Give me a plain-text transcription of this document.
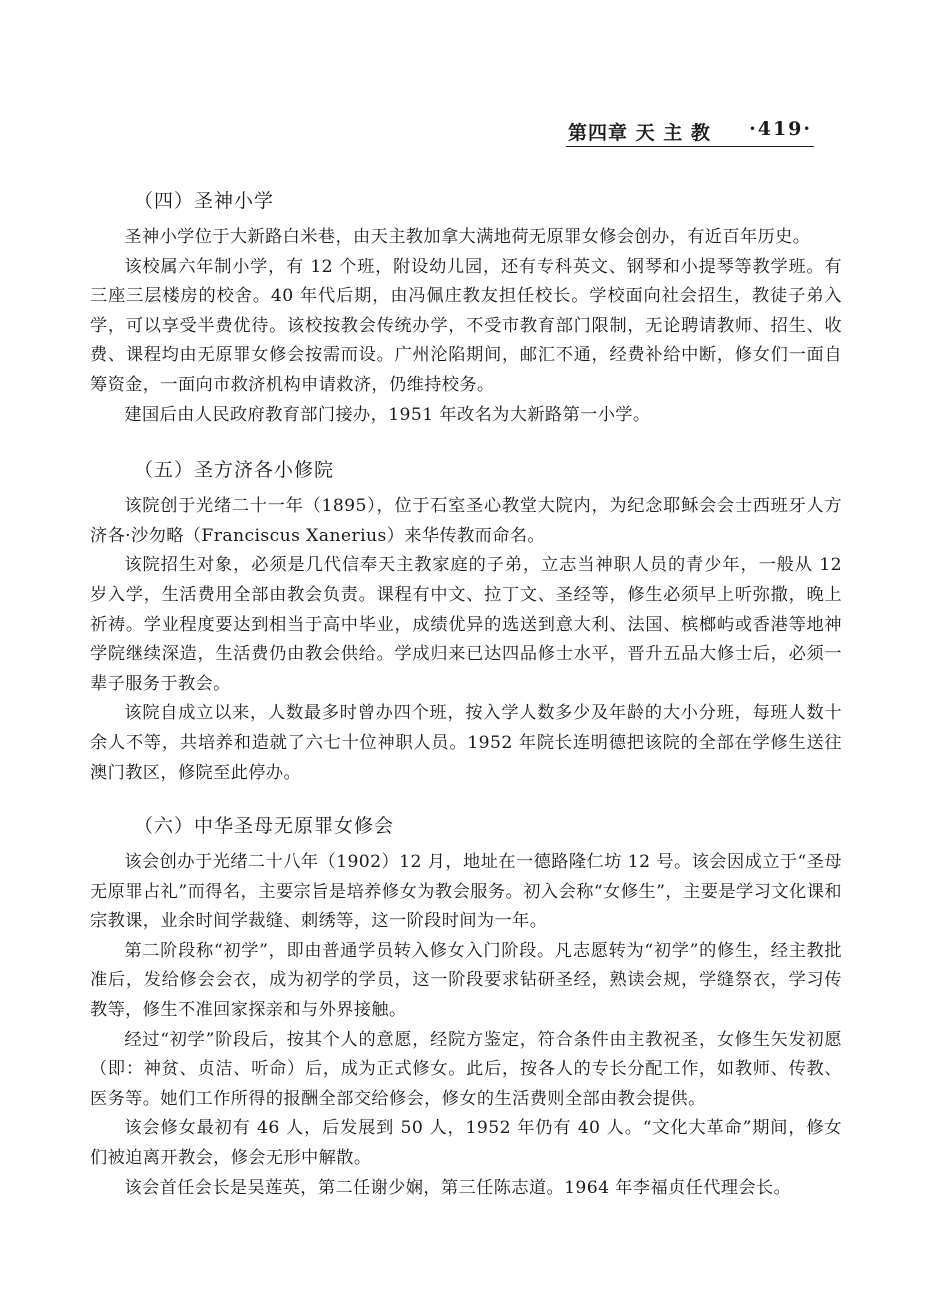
第四章 天 主 教 ·419·
（四）圣神小学

圣神小学位于大新路白米巷，由天主教加拿大满地荷无原罪女修会创办，有近百年历史。

该校属六年制小学，有 12 个班，附设幼儿园，还有专科英文、钢琴和小提琴等教学班。有三座三层楼房的校舍。40 年代后期，由冯佩庄教友担任校长。学校面向社会招生，教徒子弟入学，可以享受半费优待。该校按教会传统办学，不受市教育部门限制，无论聘请教师、招生、收费、课程均由无原罪女修会按需而设。广州沦陷期间，邮汇不通，经费补给中断，修女们一面自筹资金，一面向市救济机构申请救济，仍维持校务。

建国后由人民政府教育部门接办，1951 年改名为大新路第一小学。

（五）圣方济各小修院

该院创于光绪二十一年（1895），位于石室圣心教堂大院内，为纪念耶稣会会士西班牙人方济各·沙勿略（Franciscus Xanerius）来华传教而命名。

该院招生对象，必须是几代信奉天主教家庭的子弟，立志当神职人员的青少年，一般从 12 岁入学，生活费用全部由教会负责。课程有中文、拉丁文、圣经等，修生必须早上听弥撒，晚上祈祷。学业程度要达到相当于高中毕业，成绩优异的选送到意大利、法国、槟榔屿或香港等地神学院继续深造，生活费仍由教会供给。学成归来已达四品修士水平，晋升五品大修士后，必须一辈子服务于教会。

该院自成立以来，人数最多时曾办四个班，按入学人数多少及年龄的大小分班，每班人数十余人不等，共培养和造就了六七十位神职人员。1952 年院长连明德把该院的全部在学修生送往澳门教区，修院至此停办。

（六）中华圣母无原罪女修会

该会创办于光绪二十八年（1902）12 月，地址在一德路隆仁坊 12 号。该会因成立于“圣母无原罪占礼”而得名，主要宗旨是培养修女为教会服务。初入会称“女修生”，主要是学习文化课和宗教课，业余时间学裁缝、刺绣等，这一阶段时间为一年。

第二阶段称“初学”，即由普通学员转入修女入门阶段。凡志愿转为“初学”的修生，经主教批准后，发给修会会衣，成为初学的学员，这一阶段要求钻研圣经，熟读会规，学缝祭衣，学习传教等，修生不准回家探亲和与外界接触。

经过“初学”阶段后，按其个人的意愿，经院方鉴定，符合条件由主教祝圣，女修生矢发初愿（即：神贫、贞洁、听命）后，成为正式修女。此后，按各人的专长分配工作，如教师、传教、医务等。她们工作所得的报酬全部交给修会，修女的生活费则全部由教会提供。

该会修女最初有 46 人，后发展到 50 人，1952 年仍有 40 人。“文化大革命”期间，修女们被迫离开教会，修会无形中解散。

该会首任会长是吴莲英，第二任谢少娴，第三任陈志道。1964 年李福贞任代理会长。
